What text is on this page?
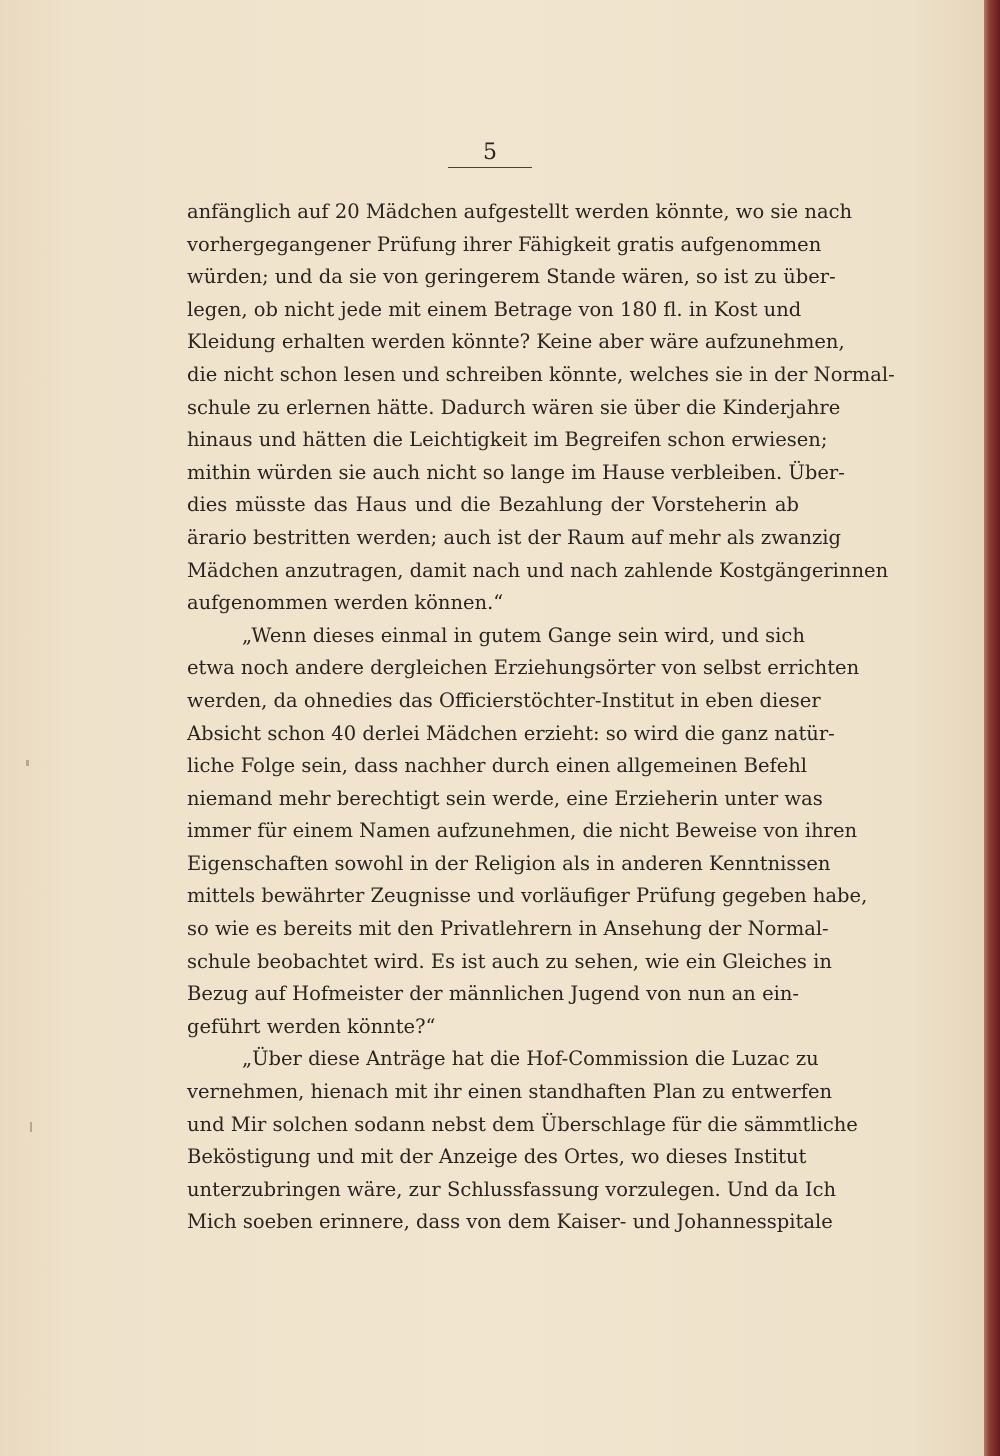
5
anfänglich auf 20 Mädchen aufgestellt werden könnte, wo sie nach
vorhergegangener Prüfung ihrer Fähigkeit gratis aufgenommen
würden; und da sie von geringerem Stande wären, so ist zu über-
legen, ob nicht jede mit einem Betrage von 180 fl. in Kost und
Kleidung erhalten werden könnte? Keine aber wäre aufzunehmen,
die nicht schon lesen und schreiben könnte, welches sie in der Normal-
schule zu erlernen hätte. Dadurch wären sie über die Kinderjahre
hinaus und hätten die Leichtigkeit im Begreifen schon erwiesen;
mithin würden sie auch nicht so lange im Hause verbleiben. Über-
dies müsste das Haus und die Bezahlung der Vorsteherin ab
ärario bestritten werden; auch ist der Raum auf mehr als zwanzig
Mädchen anzutragen, damit nach und nach zahlende Kostgängerinnen
aufgenommen werden können.“
„Wenn dieses einmal in gutem Gange sein wird, und sich
etwa noch andere dergleichen Erziehungsörter von selbst errichten
werden, da ohnedies das Officierstöchter-Institut in eben dieser
Absicht schon 40 derlei Mädchen erzieht: so wird die ganz natür-
liche Folge sein, dass nachher durch einen allgemeinen Befehl
niemand mehr berechtigt sein werde, eine Erzieherin unter was
immer für einem Namen aufzunehmen, die nicht Beweise von ihren
Eigenschaften sowohl in der Religion als in anderen Kenntnissen
mittels bewährter Zeugnisse und vorläufiger Prüfung gegeben habe,
so wie es bereits mit den Privatlehrern in Ansehung der Normal-
schule beobachtet wird. Es ist auch zu sehen, wie ein Gleiches in
Bezug auf Hofmeister der männlichen Jugend von nun an ein-
geführt werden könnte?“
„Über diese Anträge hat die Hof-Commission die Luzac zu
vernehmen, hienach mit ihr einen standhaften Plan zu entwerfen
und Mir solchen sodann nebst dem Überschlage für die sämmtliche
Beköstigung und mit der Anzeige des Ortes, wo dieses Institut
unterzubringen wäre, zur Schlussfassung vorzulegen. Und da Ich
Mich soeben erinnere, dass von dem Kaiser- und Johannesspitale
